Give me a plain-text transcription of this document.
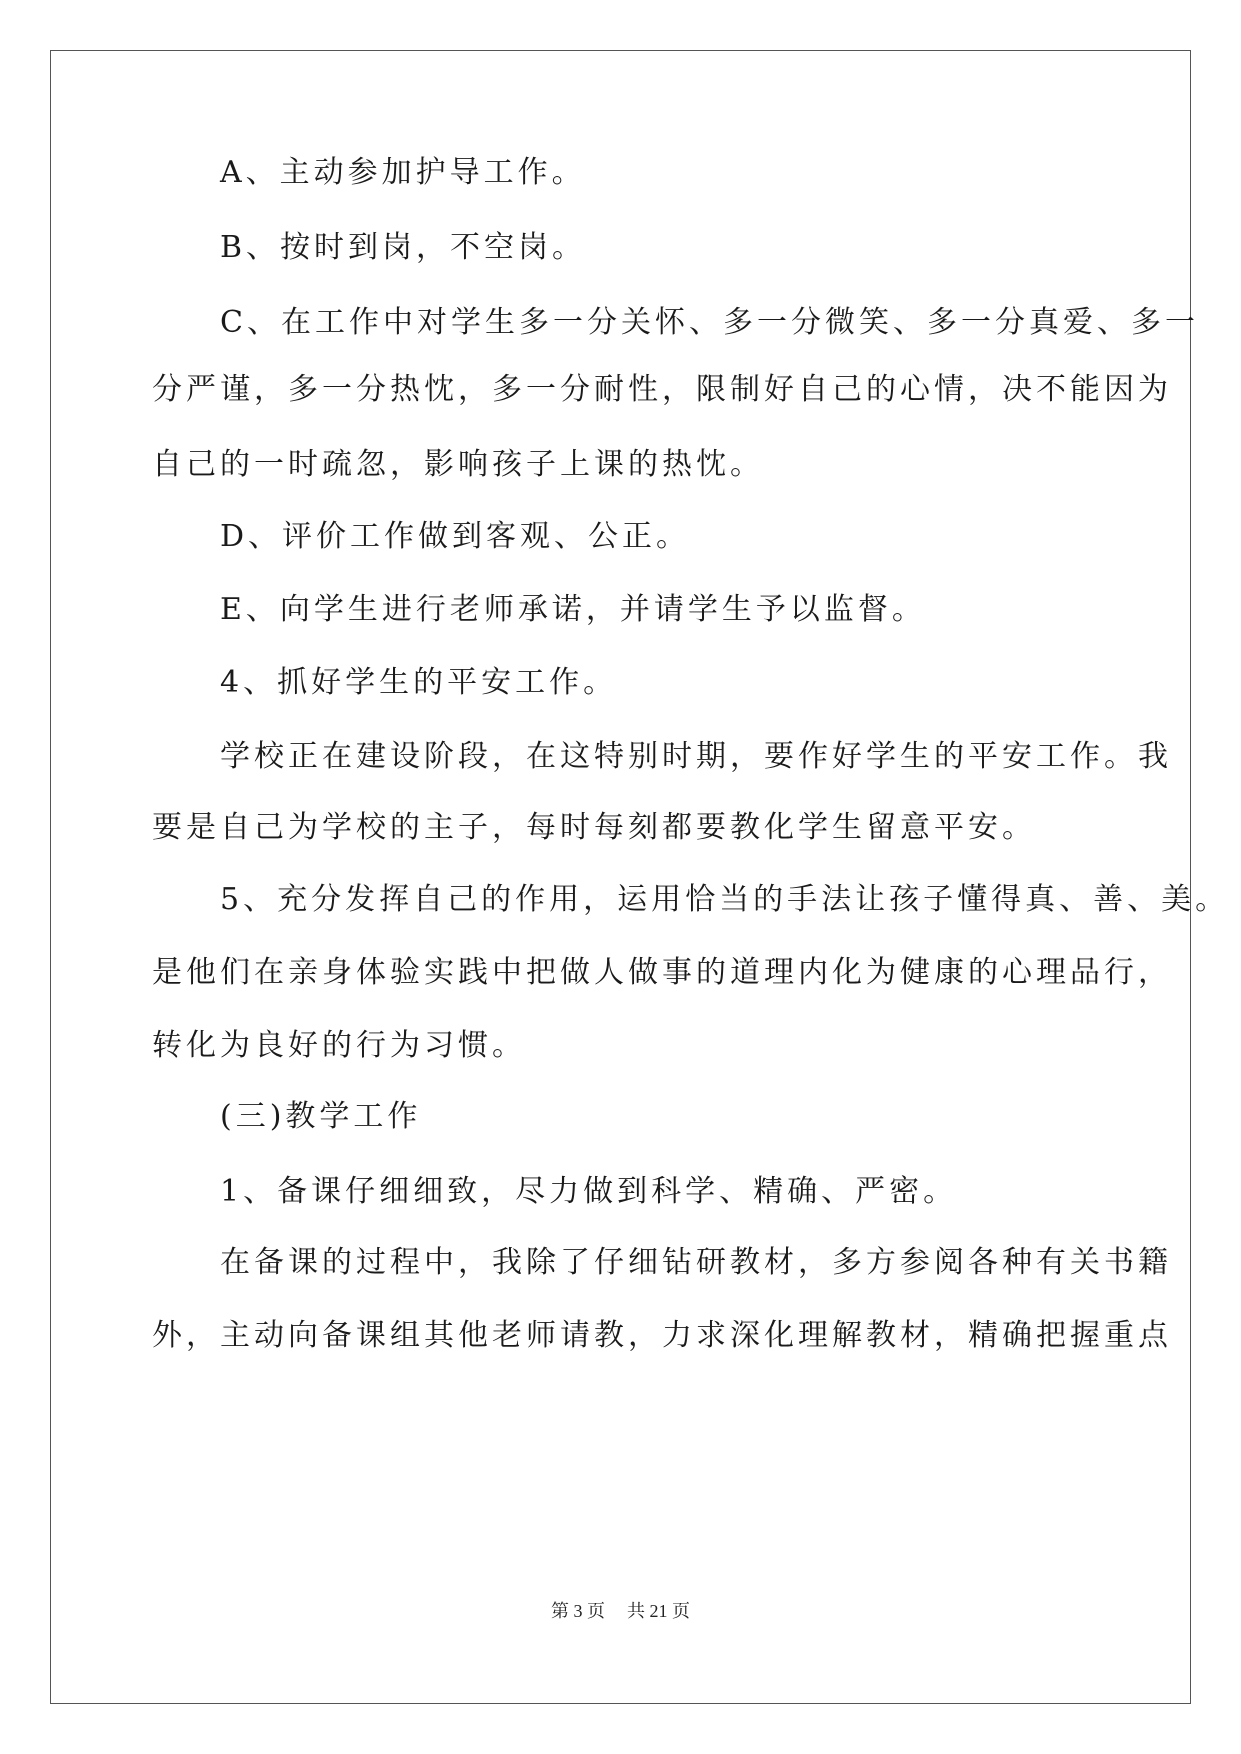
　　A、主动参加护导工作。
　　B、按时到岗，不空岗。
　　C、在工作中对学生多一分关怀、多一分微笑、多一分真爱、多一
分严谨，多一分热忱，多一分耐性，限制好自己的心情，决不能因为
自己的一时疏忽，影响孩子上课的热忱。
　　D、评价工作做到客观、公正。
　　E、向学生进行老师承诺，并请学生予以监督。
　　4、抓好学生的平安工作。
　　学校正在建设阶段，在这特别时期，要作好学生的平安工作。我
要是自己为学校的主子，每时每刻都要教化学生留意平安。
　　5、充分发挥自己的作用，运用恰当的手法让孩子懂得真、善、美。
是他们在亲身体验实践中把做人做事的道理内化为健康的心理品行，
转化为良好的行为习惯。
　　(三)教学工作
　　1、备课仔细细致，尽力做到科学、精确、严密。
　　在备课的过程中，我除了仔细钻研教材，多方参阅各种有关书籍
外，主动向备课组其他老师请教，力求深化理解教材，精确把握重点
第 3 页 共 21 页
